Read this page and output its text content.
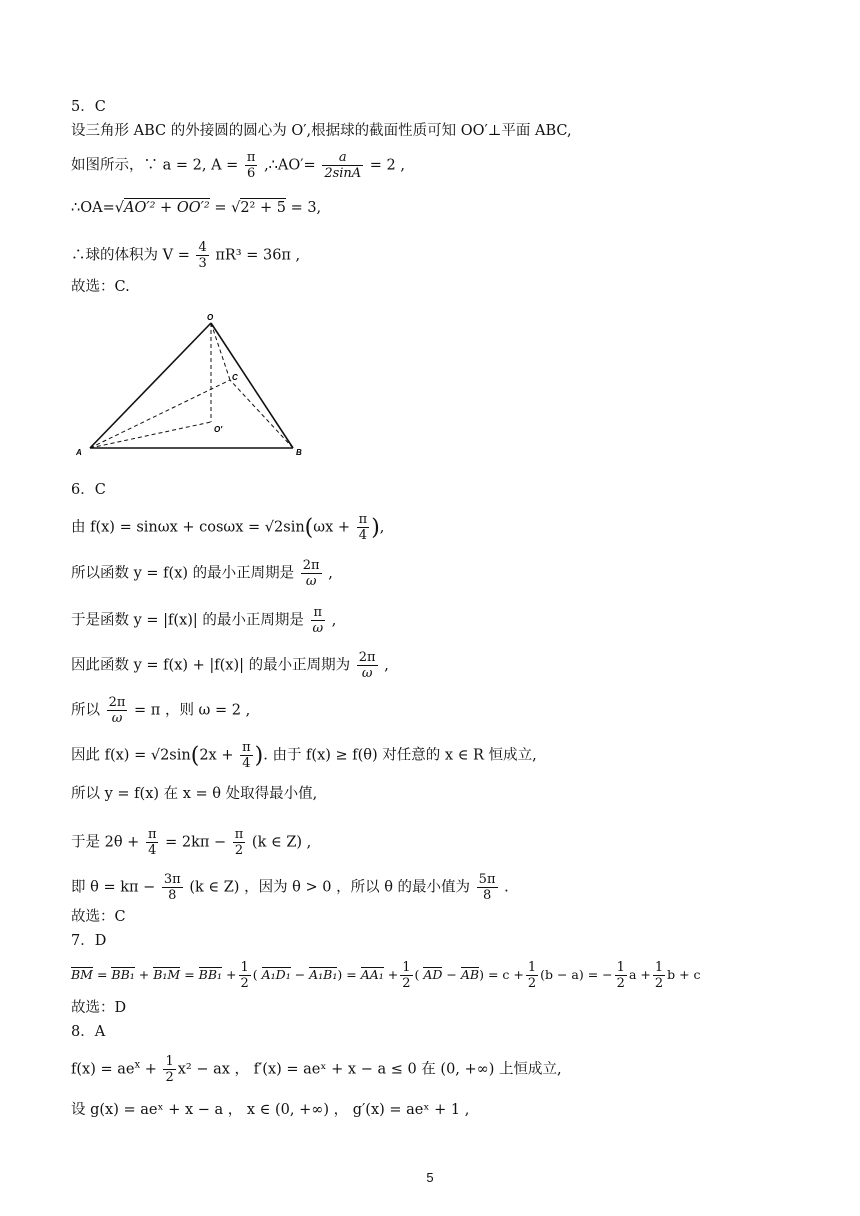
5．C
设三角形 ABC 的外接圆的圆心为 O′,根据球的截面性质可知 OO′⊥平面 ABC,
如图所示，∵ a = 2, $A = \frac{\pi}{6}$ ,∴AO′= $\frac{a}{2\sin A} = 2$ ,
∴OA=√AO′² + OO′² = √2² + 5 = 3,
∴球的体积为 $V = \frac{4}{3} \pi R^3 = 36\pi$ ,
故选：C.
O
C
O′
A	B
6．C
由 $f(x) = \sin\omega x + \cos\omega x = √2\sin(\omega x + \frac{\pi}{4}$ ),
所以函数 y = f(x) 的最小正周期是 $\frac{2\pi}{\omega}$ ,
于是函数 y = |f(x)| 的最小正周期是 $\frac{\pi}{\omega}$ ,
因此函数 y = f(x) + |f(x)| 的最小正周期为 $\frac{2\pi}{\omega}$ ,
所以 $\frac{2\pi}{\omega} = \pi$ ，则 ω = 2 ,
因此 $f(x) = √2\sin(2x + \frac{\pi}{4}$ ). 由于 f(x) ≥ f(θ) 对任意的 x ∈ R 恒成立,
所以 y = f(x) 在 x = θ 处取得最小值,
于是 $2\theta + \frac{\pi}{4} = 2k\pi - \frac{\pi}{2} (k$ ∈ Z) ,
即 $\theta = k\pi - \frac{3\pi}{8} (k$ ∈ Z) ，因为 θ > 0 ，所以 θ 的最小值为 $\frac{5\pi}{8}$ .
故选：C
7．D
BM = $BB_1 + B_1M = BB_1 + \frac{1}{2}$ ( $A_1D_1 - A_1B_1) = AA_1 + \frac{1}{2}$ ( AD − $AB) = c + \frac{1}{2} (b - a)$ = − $\frac{1}{2}$ $a + \frac{1}{2}$ b + c
故选：D
8．A
$f(x) = ae^x + \frac{1}{2} x^2$ − ax ， f′(x) = aeˣ + x − a ≤ 0 在 (0, +∞) 上恒成立,
设 g(x) = aeˣ + x − a ， x ∈ (0, +∞) ， g′(x) = aeˣ + 1 ,
5
